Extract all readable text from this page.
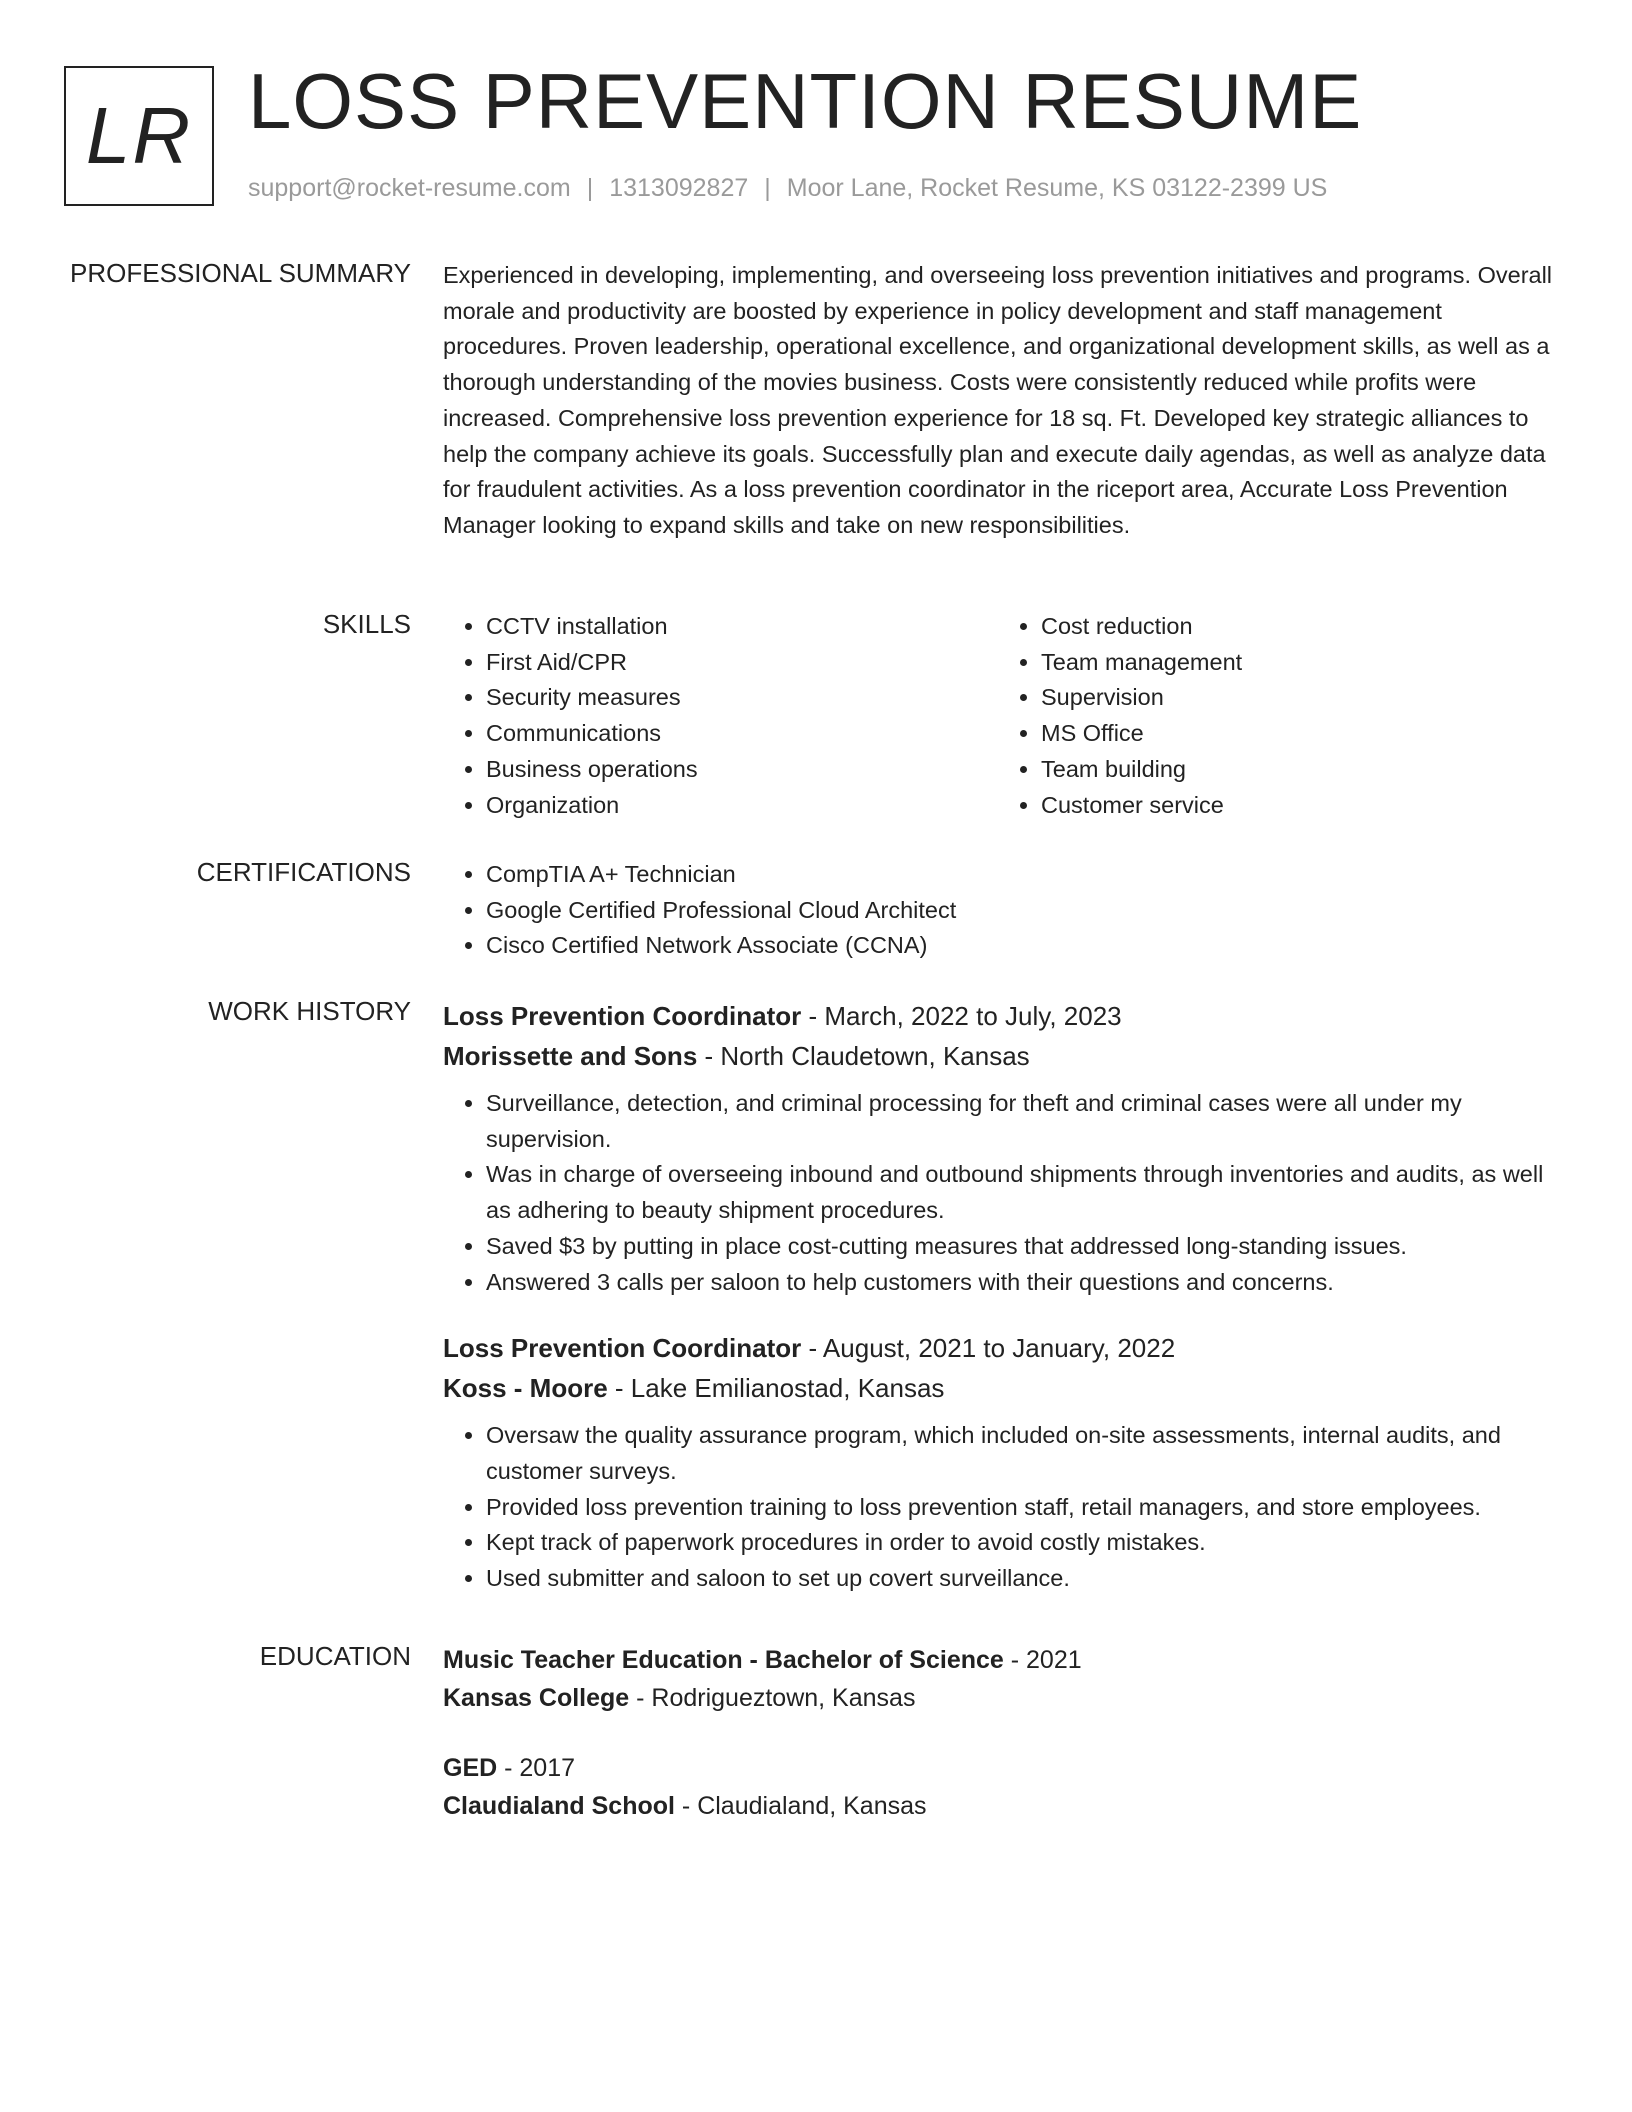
LR LOSS PREVENTION RESUME
support@rocket-resume.com | 1313092827 | Moor Lane, Rocket Resume, KS 03122-2399 US
PROFESSIONAL SUMMARY Experienced in developing, implementing, and overseeing loss prevention initiatives and programs. Overall morale and productivity are boosted by experience in policy development and staff management procedures. Proven leadership, operational excellence, and organizational development skills, as well as a thorough understanding of the movies business. Costs were consistently reduced while profits were increased. Comprehensive loss prevention experience for 18 sq. Ft. Developed key strategic alliances to help the company achieve its goals. Successfully plan and execute daily agendas, as well as analyze data for fraudulent activities. As a loss prevention coordinator in the riceport area, Accurate Loss Prevention Manager looking to expand skills and take on new responsibilities.

SKILLS	• CCTV installation
• First Aid/CPR
• Security measures
• Communications
• Business operations
• Organization
• Cost reduction
• Team management
• Supervision
• MS Office
• Team building
• Customer service
CERTIFICATIONS	• CompTIA A+ Technician
• Google Certified Professional Cloud Architect
• Cisco Certified Network Associate (CCNA)
WORK HISTORY Loss Prevention Coordinator - March, 2022 to July, 2023
Morissette and Sons - North Claudetown, Kansas
• Surveillance, detection, and criminal processing for theft and criminal cases were all under my supervision.
• Was in charge of overseeing inbound and outbound shipments through inventories and audits, as well as adhering to beauty shipment procedures.
• Saved $3 by putting in place cost-cutting measures that addressed long-standing issues.
• Answered 3 calls per saloon to help customers with their questions and concerns.
Loss Prevention Coordinator - August, 2021 to January, 2022
Koss - Moore - Lake Emilianostad, Kansas
• Oversaw the quality assurance program, which included on-site assessments, internal audits, and customer surveys.
• Provided loss prevention training to loss prevention staff, retail managers, and store employees.
• Kept track of paperwork procedures in order to avoid costly mistakes.
• Used submitter and saloon to set up covert surveillance.
EDUCATION Music Teacher Education - Bachelor of Science - 2021
Kansas College - Rodrigueztown, Kansas
GED - 2017
Claudialand School - Claudialand, Kansas
